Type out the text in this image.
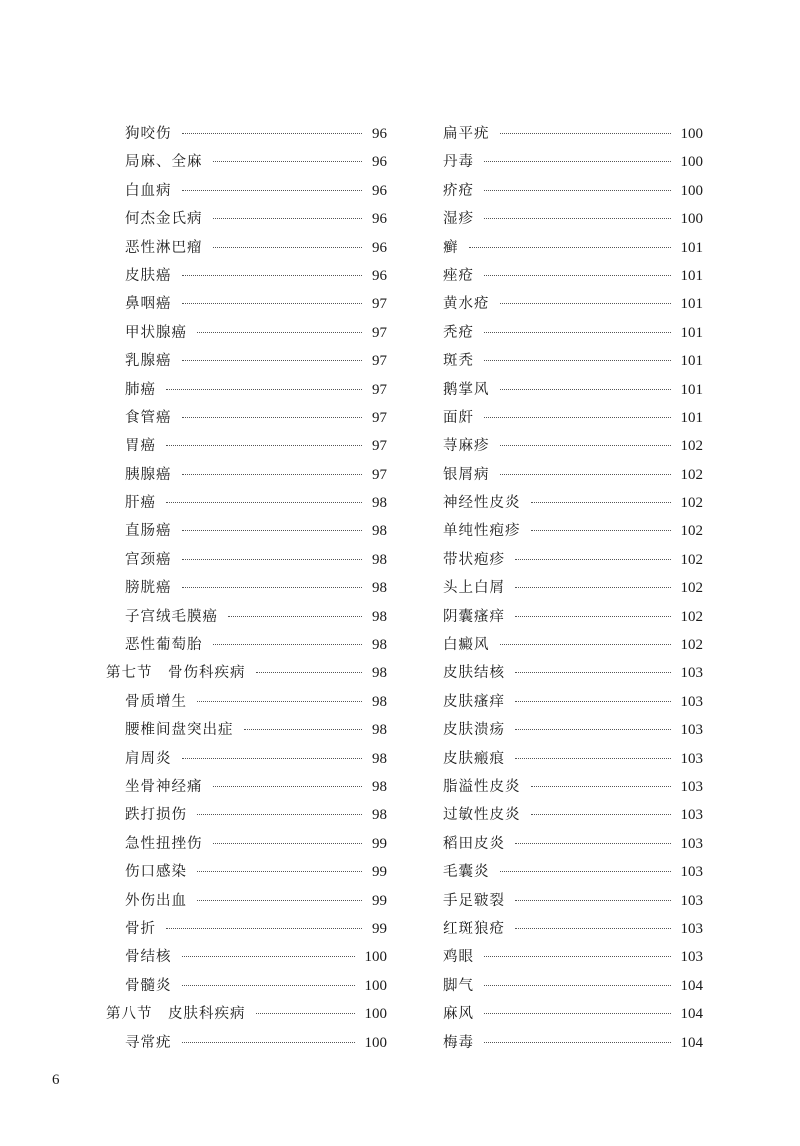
狗咬伤	96
局麻、全麻	96
白血病	96
何杰金氏病	96
恶性淋巴瘤	96
皮肤癌	96
鼻咽癌	97
甲状腺癌	97
乳腺癌	97
肺癌	97
食管癌	97
胃癌	97
胰腺癌	97
肝癌	98
直肠癌	98
宫颈癌	98
膀胱癌	98
子宫绒毛膜癌	98
恶性葡萄胎	98
第七节　骨伤科疾病	98
骨质增生	98
腰椎间盘突出症	98
肩周炎	98
坐骨神经痛	98
跌打损伤	98
急性扭挫伤	99
伤口感染	99
外伤出血	99
骨折	99
骨结核	100
骨髓炎	100
第八节　皮肤科疾病	100
寻常疣	100
扁平疣	100
丹毒	100
疥疮	100
湿疹	100
癣	101
痤疮	101
黄水疮	101
秃疮	101
斑秃	101
鹅掌风	101
面皯	101
荨麻疹	102
银屑病	102
神经性皮炎	102
单纯性疱疹	102
带状疱疹	102
头上白屑	102
阴囊瘙痒	102
白癜风	102
皮肤结核	103
皮肤瘙痒	103
皮肤溃疡	103
皮肤瘢痕	103
脂溢性皮炎	103
过敏性皮炎	103
稻田皮炎	103
毛囊炎	103
手足皲裂	103
红斑狼疮	103
鸡眼	103
脚气	104
麻风	104
梅毒	104
6
